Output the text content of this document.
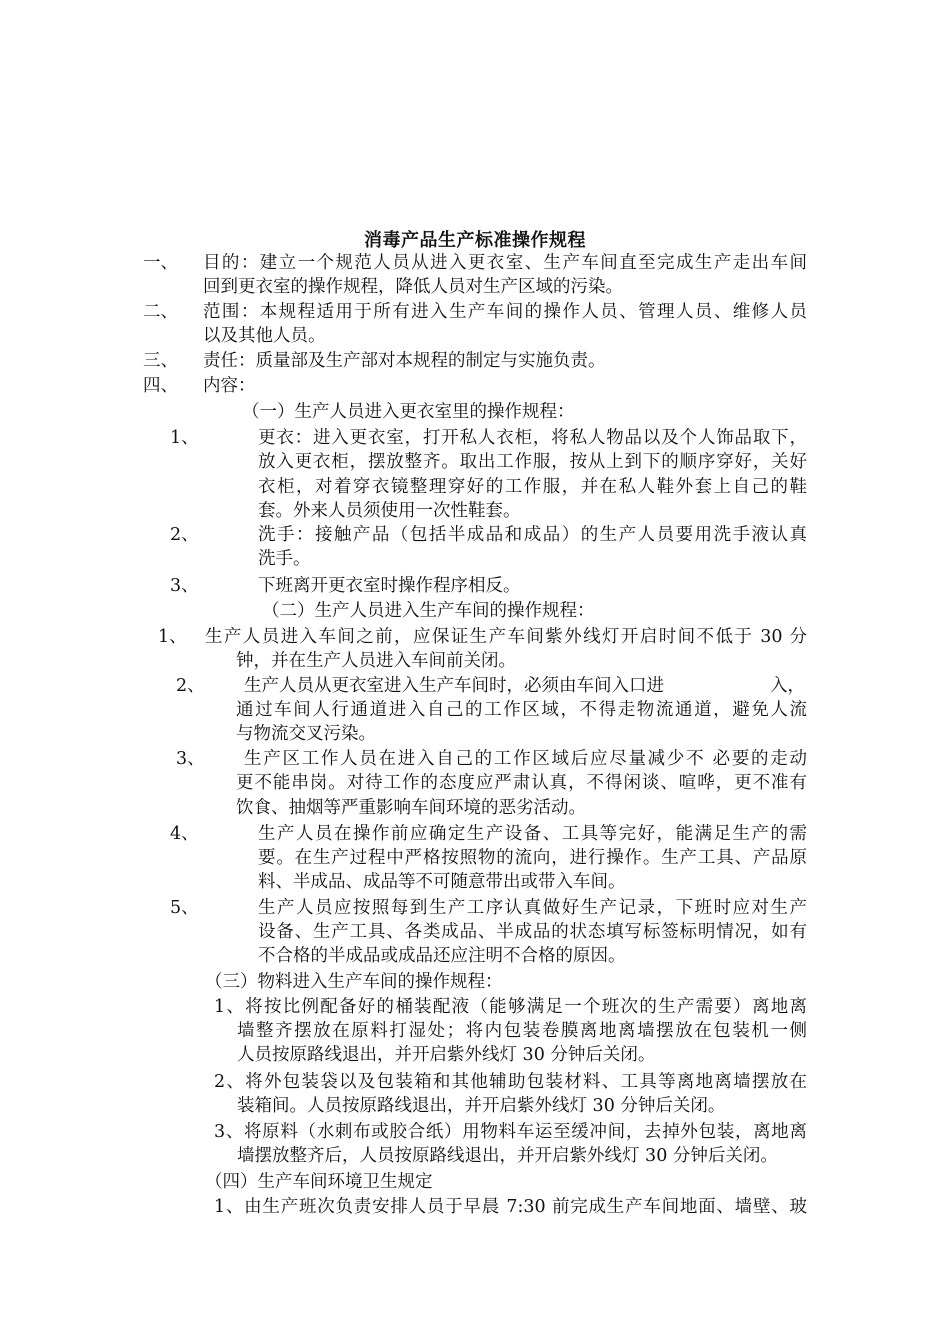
消毒产品生产标准操作规程
一、 目的：建立一个规范人员从进入更衣室、生产车间直至完成生产走出车间
回到更衣室的操作规程，降低人员对生产区域的污染。
二、 范围：本规程适用于所有进入生产车间的操作人员、管理人员、维修人员
以及其他人员。
三、 责任：质量部及生产部对本规程的制定与实施负责。
四、 内容：
（一）生产人员进入更衣室里的操作规程：
1、	更衣：进入更衣室，打开私人衣柜，将私人物品以及个人饰品取下，
放入更衣柜，摆放整齐。取出工作服，按从上到下的顺序穿好，关好
衣柜，对着穿衣镜整理穿好的工作服，并在私人鞋外套上自己的鞋
套。外来人员须使用一次性鞋套。
2、	洗手：接触产品（包括半成品和成品）的生产人员要用洗手液认真
洗手。
3、	下班离开更衣室时操作程序相反。
（二）生产人员进入生产车间的操作规程：
1、 生产人员进入车间之前，应保证生产车间紫外线灯开启时间不低于 30 分
钟，并在生产人员进入车间前关闭。
2、 生产人员从更衣室进入生产车间时，必须由车间入口进	入，
通过车间人行通道进入自己的工作区域，不得走物流通道，避免人流
与物流交叉污染。
3、 生产区工作人员在进入自己的工作区域后应尽量减少不 必要的走动
更不能串岗。对待工作的态度应严肃认真，不得闲谈、喧哗，更不准有
饮食、抽烟等严重影响车间环境的恶劣活动。
4、	生产人员在操作前应确定生产设备、工具等完好，能满足生产的需
要。在生产过程中严格按照物的流向，进行操作。生产工具、产品原
料、半成品、成品等不可随意带出或带入车间。
5、	生产人员应按照每到生产工序认真做好生产记录，下班时应对生产
设备、生产工具、各类成品、半成品的状态填写标签标明情况，如有
不合格的半成品或成品还应注明不合格的原因。
（三）物料进入生产车间的操作规程：
1、将按比例配备好的桶装配液（能够满足一个班次的生产需要）离地离
墙整齐摆放在原料打湿处；将内包装卷膜离地离墙摆放在包装机一侧
人员按原路线退出，并开启紫外线灯 30 分钟后关闭。
2、将外包装袋以及包装箱和其他辅助包装材料、工具等离地离墙摆放在
装箱间。人员按原路线退出，并开启紫外线灯 30 分钟后关闭。
3、将原料（水刺布或胶合纸）用物料车运至缓冲间，去掉外包装，离地离
墙摆放整齐后，人员按原路线退出，并开启紫外线灯 30 分钟后关闭。
（四）生产车间环境卫生规定
1、由生产班次负责安排人员于早晨 7:30 前完成生产车间地面、墙壁、玻
